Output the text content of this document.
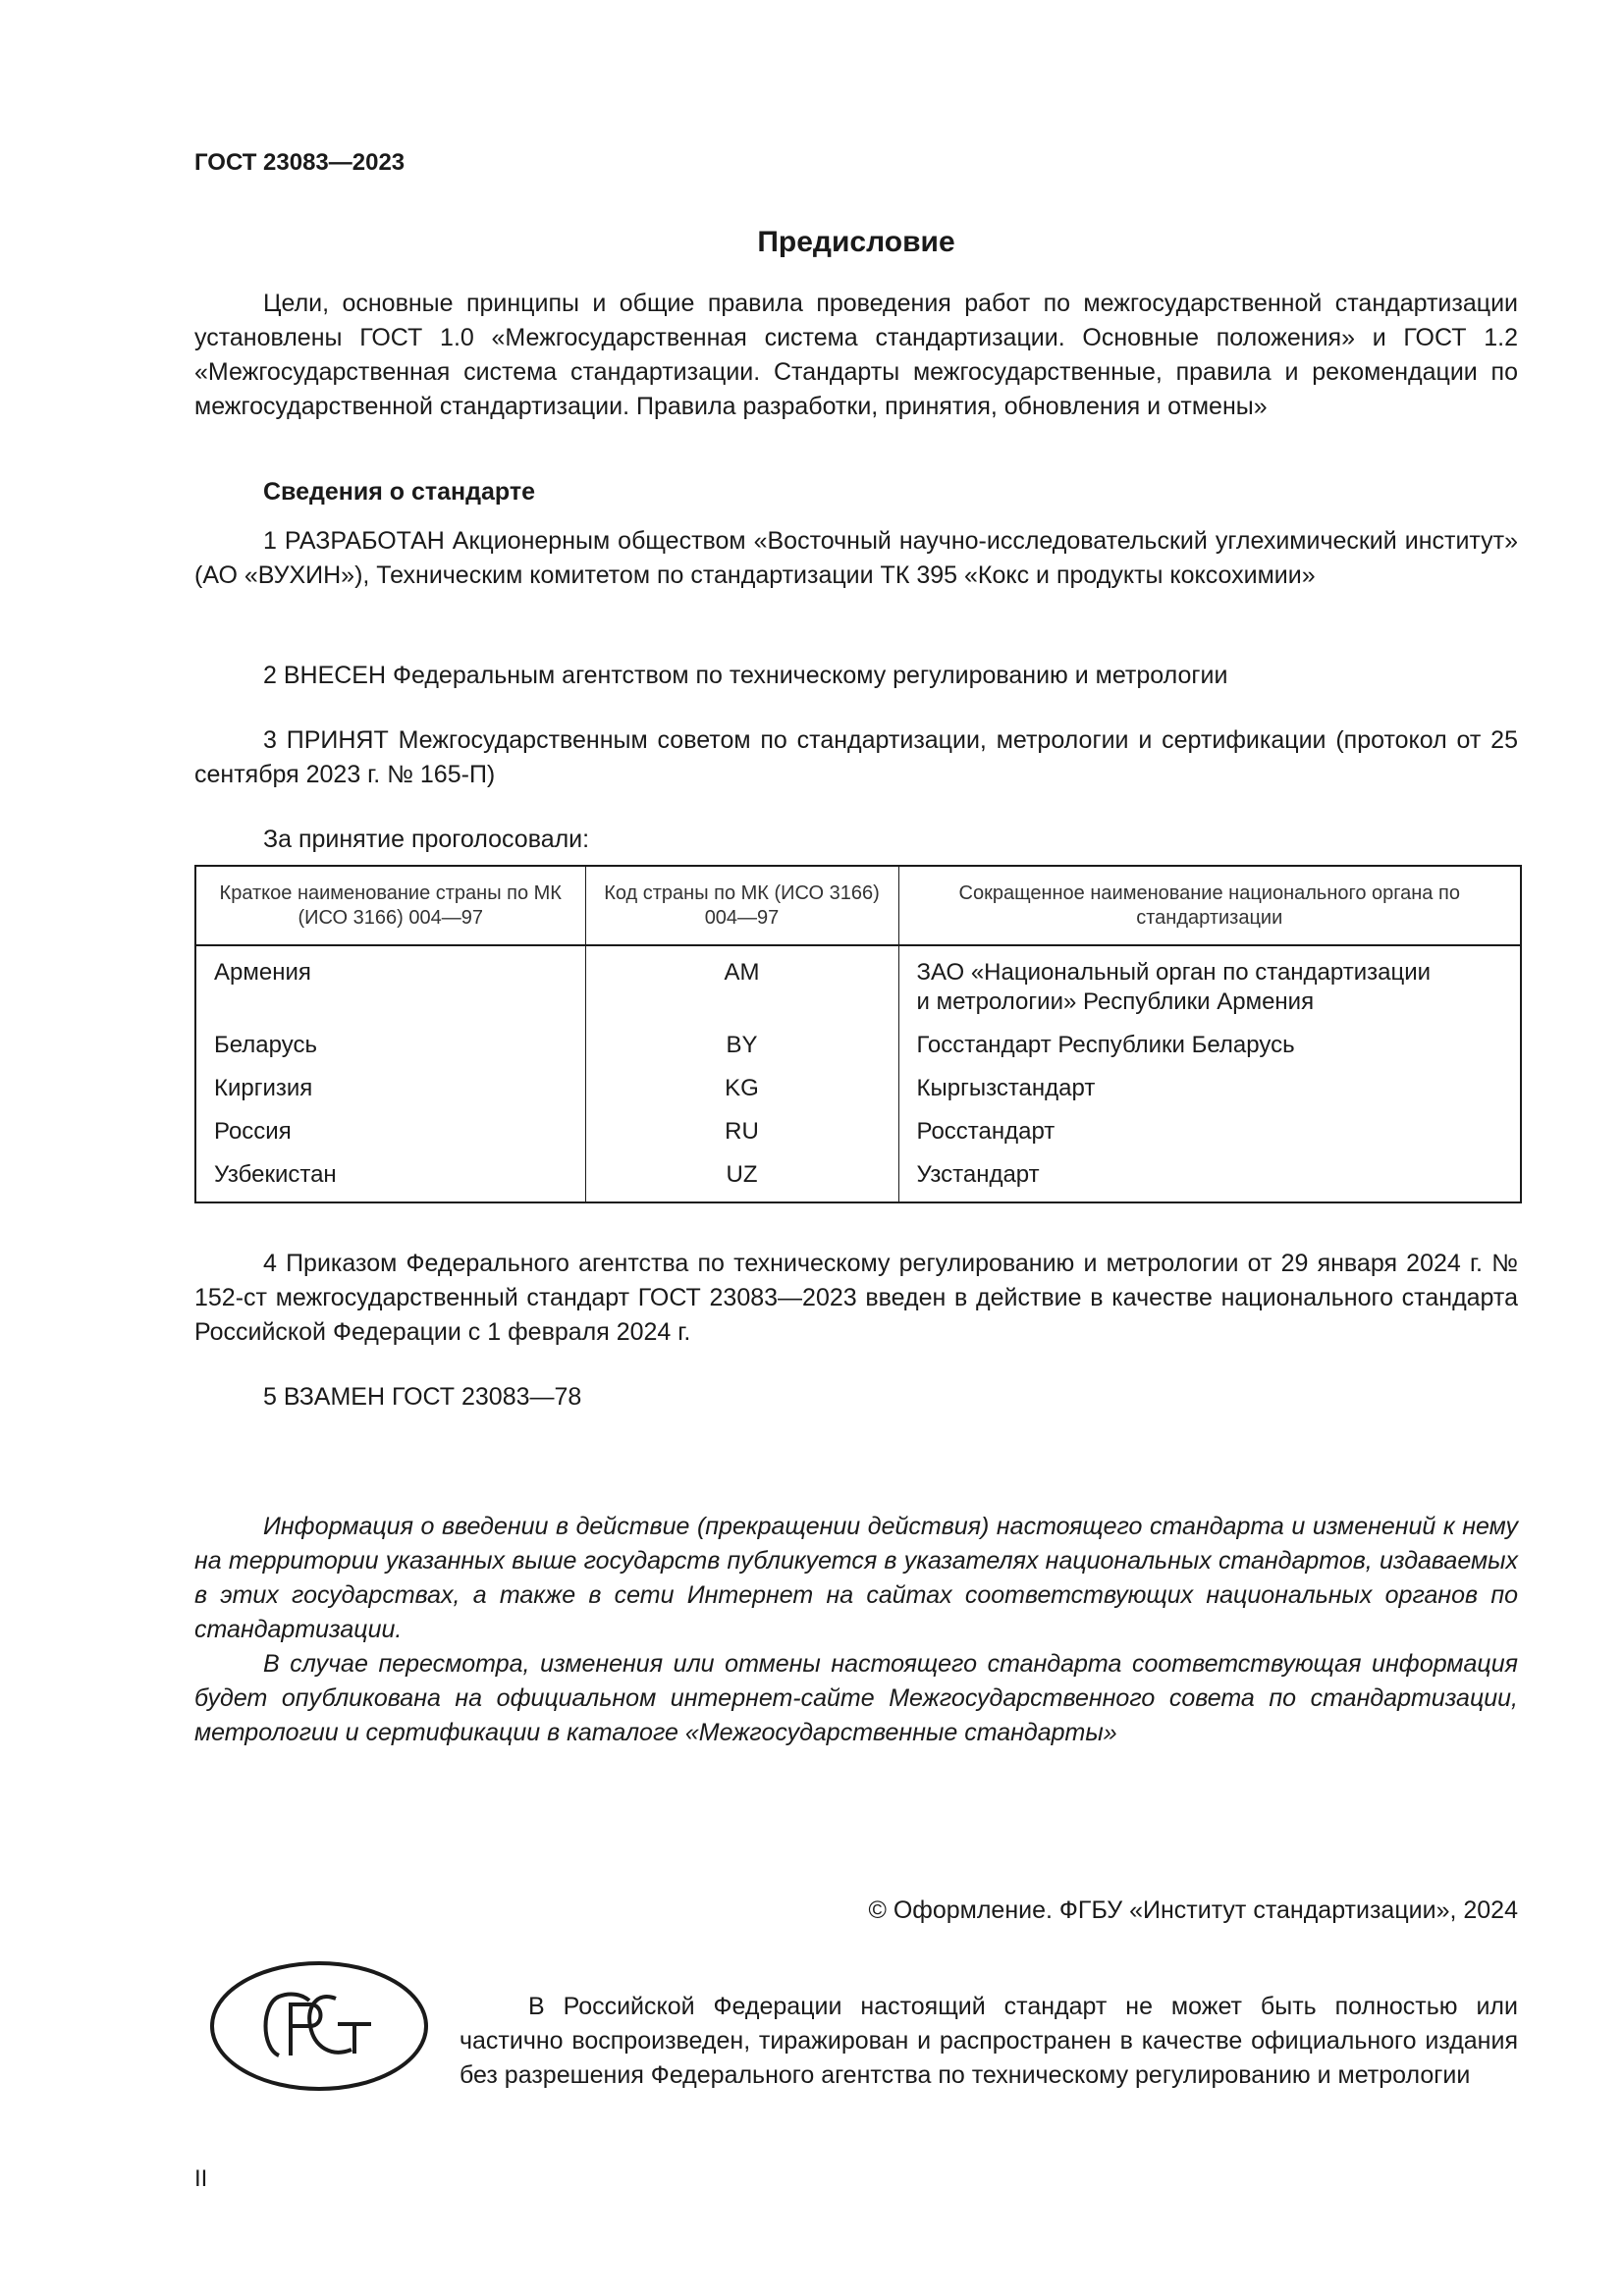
ГОСТ 23083—2023
Предисловие

Цели, основные принципы и общие правила проведения работ по межгосударственной стандартизации установлены ГОСТ 1.0 «Межгосударственная система стандартизации. Основные положения» и ГОСТ 1.2 «Межгосударственная система стандартизации. Стандарты межгосударственные, правила и рекомендации по межгосударственной стандартизации. Правила разработки, принятия, обновления и отмены»

Сведения о стандарте

1 РАЗРАБОТАН Акционерным обществом «Восточный научно-исследовательский углехимический институт» (АО «ВУХИН»), Техническим комитетом по стандартизации ТК 395 «Кокс и продукты коксохимии»

2 ВНЕСЕН Федеральным агентством по техническому регулированию и метрологии

3 ПРИНЯТ Межгосударственным советом по стандартизации, метрологии и сертификации (протокол от 25 сентября 2023 г. № 165-П)

За принятие проголосовали:

Краткое наименование страны по МК (ИСО 3166) 004—97	Код страны по МК (ИСО 3166) 004—97	Сокращенное наименование национального органа по стандартизации
Армения	AM	ЗАО «Национальный орган по стандартизации
и метрологии» Республики Армения
Беларусь	BY	Госстандарт Республики Беларусь
Киргизия	KG	Кыргызстандарт
Россия	RU	Росстандарт
Узбекистан	UZ	Узстандарт

4 Приказом Федерального агентства по техническому регулированию и метрологии от 29 января 2024 г. № 152-ст межгосударственный стандарт ГОСТ 23083—2023 введен в действие в качестве национального стандарта Российской Федерации с 1 февраля 2024 г.

5 ВЗАМЕН ГОСТ 23083—78

Информация о введении в действие (прекращении действия) настоящего стандарта и изменений к нему на территории указанных выше государств публикуется в указателях национальных стандартов, издаваемых в этих государствах, а также в сети Интернет на сайтах соответствующих национальных органов по стандартизации.

В случае пересмотра, изменения или отмены настоящего стандарта соответствующая информация будет опубликована на официальном интернет-сайте Межгосударственного совета по стандартизации, метрологии и сертификации в каталоге «Межгосударственные стандарты»

© Оформление. ФГБУ «Институт стандартизации», 2024

В Российской Федерации настоящий стандарт не может быть полностью или частично воспроизведен, тиражирован и распространен в качестве официального издания без разрешения Федерального агентства по техническому регулированию и метрологии

II
